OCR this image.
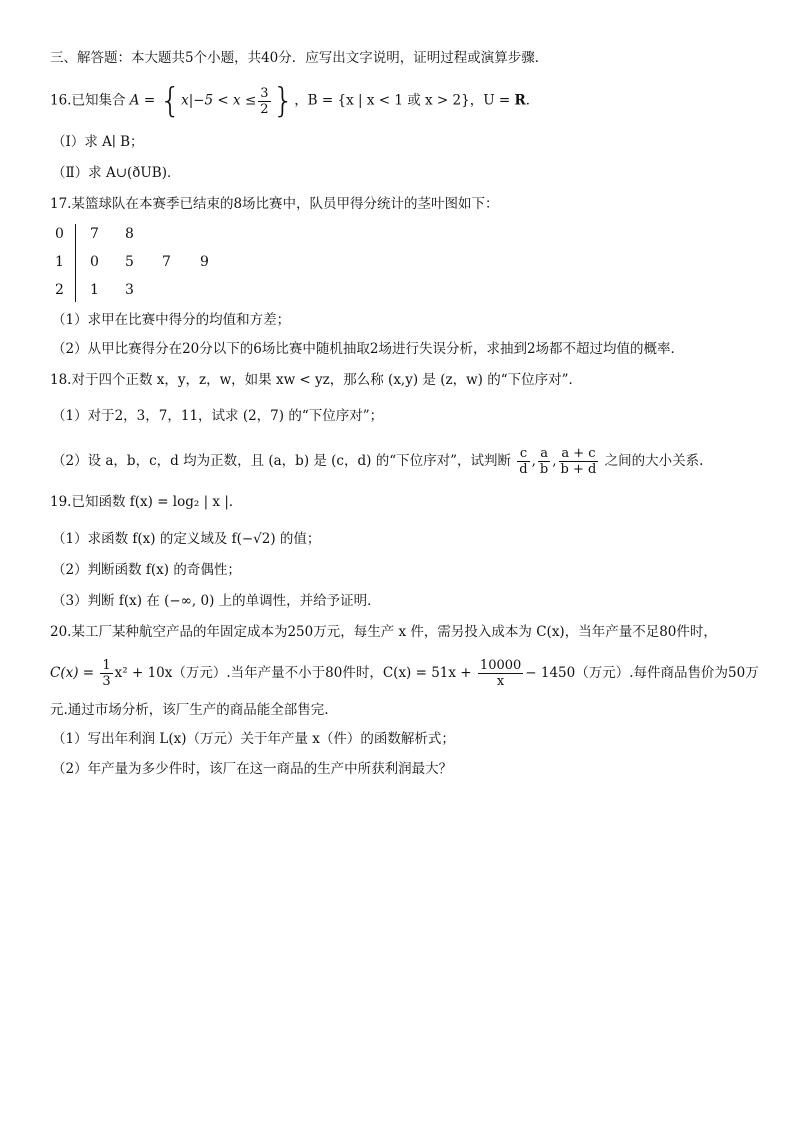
三、解答题：本大题共5个小题，共40分．应写出文字说明，证明过程或演算步骤．
16.已知集合 $A = \{x|-5 < x \le \frac{3}{2}$ }，B = {x | x < 1 或 x > 2}，U = R．
（Ⅰ）求 A∣ B；
（Ⅱ）求 A∪(ðUB)．
17.某篮球队在本赛季已结束的8场比赛中，队员甲得分统计的茎叶图如下：
0
1
2
7 8
0 5 7 9
1 3
（1）求甲在比赛中得分的均值和方差；
（2）从甲比赛得分在20分以下的6场比赛中随机抽取2场进行失误分析，求抽到2场都不超过均值的概率．
18.对于四个正数 x，y，z，w，如果 xw < yz，那么称 (x,y) 是 (z，w) 的“下位序对”．
（1）对于2，3，7，11，试求 (2，7) 的“下位序对”；
（2）设 a，b，c，d 均为正数，且 (a，b) 是 (c，d) 的“下位序对”，试判断 $\frac{c}{d}$ , $\frac{a}{b}$ , $\frac{a + c}{b + d}$ 之间的大小关系.
19.已知函数 f(x) = log₂ | x |．
（1）求函数 f(x) 的定义域及 f(−√2) 的值；
（2）判断函数 f(x) 的奇偶性；
（3）判断 f(x) 在 (−∞, 0) 上的单调性，并给予证明．
20.某工厂某种航空产品的年固定成本为250万元，每生产 x 件，需另投入成本为 C(x)，当年产量不足80件时，
$C(x) = \frac{1}{3} x^2 + 10x$（万元）.当年产量不小于80件时，$C(x) = 51x + \frac{10000}{x} - 1450$（万元）.每件商品售价为50万
元.通过市场分析，该厂生产的商品能全部售完.
（1）写出年利润 L(x)（万元）关于年产量 x（件）的函数解析式；
（2）年产量为多少件时，该厂在这一商品的生产中所获利润最大？
